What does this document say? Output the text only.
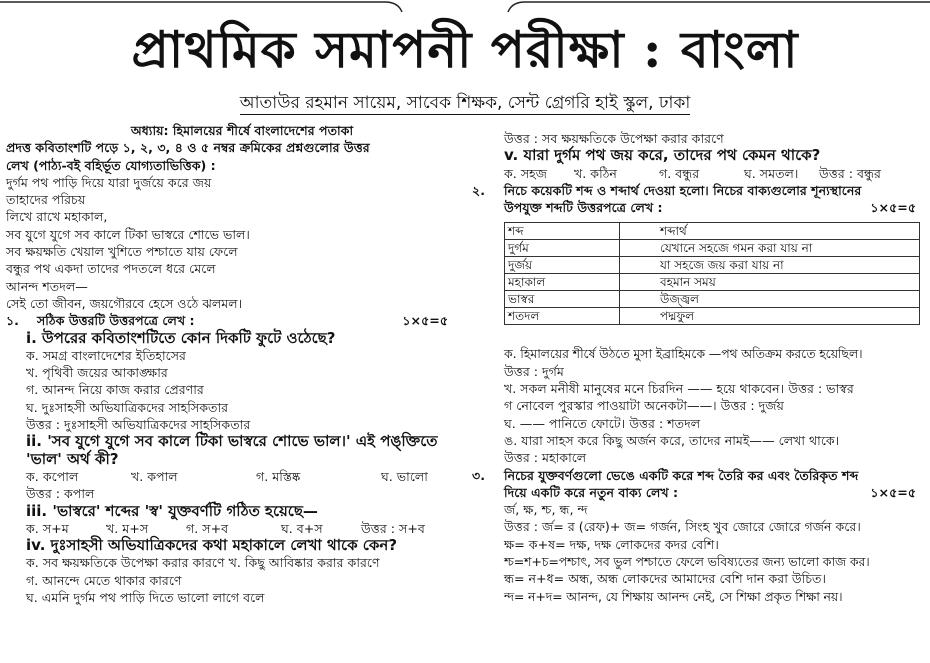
প্রাথমিক সমাপনী পরীক্ষা : বাংলা
আতাউর রহমান সায়েম, সাবেক শিক্ষক, সেন্ট গ্রেগরি হাই স্কুল, ঢাকা
অধ্যায়: হিমালয়ের শীর্ষে বাংলাদেশের পতাকা
প্রদত্ত কবিতাংশটি পড়ে ১, ২, ৩, ৪ ও ৫ নম্বর ক্রমিকের প্রশ্নগুলোর উত্তর
লেখ (পাঠ্য-বই বহির্ভূত যোগ্যতাভিত্তিক) :
দুর্গম পথ পাড়ি দিয়ে যারা দুর্জয়ে করে জয়
তাহাদের পরিচয়
লিখে রাখে মহাকাল,
সব যুগে যুগে সব কালে টিকা ভাস্বরে শোভে ভাল।
সব ক্ষয়ক্ষতি খেয়াল খুশিতে পশ্চাতে যায় ফেলে
বন্ধুর পথ একদা তাদের পদতলে ধরে মেলে
আনন্দ শতদল—
সেই তো জীবন, জয়গৌরবে হেসে ওঠে ঝলমল।
১. সঠিক উত্তরটি উত্তরপত্রে লেখ :	১×৫=৫
i. উপরের কবিতাংশটিতে কোন দিকটি ফুটে ওঠেছে?
ক. সমগ্র বাংলাদেশের ইতিহাসের
খ. পৃথিবী জয়ের আকাঙ্ক্ষার
গ. আনন্দ নিয়ে কাজ করার প্রেরণার
ঘ. দুঃসাহসী অভিযাত্রিকদের সাহসিকতার
উত্তর : দুঃসাহসী অভিযাত্রিকদের সাহসিকতার
ii. 'সব যুগে যুগে সব কালে টিকা ভাস্বরে শোভে ভাল।' এই পঙ্‌ক্তিতে
'ভাল' অর্থ কী?
ক. কপোল	খ. কপাল	গ. মস্তিষ্ক	ঘ. ভালো
উত্তর : কপাল
iii. 'ভাস্বরে' শব্দের 'স্ব' যুক্তবর্ণটি গঠিত হয়েছে—
ক. স+ম	খ. ম+স	গ. স+ব	ঘ. ব+স	উত্তর : স+ব
iv. দুঃসাহসী অভিযাত্রিকদের কথা মহাকালে লেখা থাকে কেন?
ক. সব ক্ষয়ক্ষতিকে উপেক্ষা করার কারণে খ. কিছু আবিষ্কার করার কারণে
গ. আনন্দে মেতে থাকার কারণে
ঘ. এমনি দুর্গম পথ পাড়ি দিতে ভালো লাগে বলে
উত্তর : সব ক্ষয়ক্ষতিকে উপেক্ষা করার কারণে
v. যারা দুর্গম পথ জয় করে, তাদের পথ কেমন থাকে?
ক. সহজ	খ. কঠিন	গ. বন্ধুর	ঘ. সমতল।	উত্তর : বন্ধুর
২. নিচে কয়েকটি শব্দ ও শব্দার্থ দেওয়া হলো। নিচের বাক্যগুলোর শূন্যস্থানের
উপযুক্ত শব্দটি উত্তরপত্রে লেখ :	১×৫=৫
শব্দ	শব্দার্থ
দুর্গম	যেখানে সহজে গমন করা যায় না
দুর্জয়	যা সহজে জয় করা যায় না
মহাকাল	বহমান সময়
ভাস্বর	উজ্জ্বল
শতদল	পদ্মফুল
ক. হিমালয়ের শীর্ষে উঠতে মুসা ইব্রাহিমকে —পথ অতিক্রম করতে হয়েছিল।
উত্তর : দুর্গম
খ. সকল মনীষী মানুষের মনে চিরদিন —— হয়ে থাকবেন। উত্তর : ভাস্বর
গ নোবেল পুরস্কার পাওয়াটা অনেকটা——। উত্তর : দুর্জয়
ঘ. —— পানিতে ফোটে। উত্তর : শতদল
ঙ. যারা সাহস করে কিছু অর্জন করে, তাদের নামই—— লেখা থাকে।
উত্তর : মহাকালে
৩. নিচের যুক্তবর্ণগুলো ভেঙে একটি করে শব্দ তৈরি কর এবং তৈরিকৃত শব্দ
দিয়ে একটি করে নতুন বাক্য লেখ :	১×৫=৫
র্জ, ক্ষ, শ্চ, ন্ধ, ন্দ
উত্তর : র্জ= র (রেফ)+ জ= গর্জন, সিংহ খুব জোরে জোরে গর্জন করে।
ক্ষ= ক+ষ= দক্ষ, দক্ষ লোকদের কদর বেশি।
শ্চ=শ+চ=পশ্চাৎ, সব ভুল পশ্চাতে ফেলে ভবিষ্যতের জন্য ভালো কাজ কর।
ন্ধ= ন+ধ= অন্ধ, অন্ধ লোকদের আমাদের বেশি দান করা উচিত।
ন্দ= ন+দ= আনন্দ, যে শিক্ষায় আনন্দ নেই, সে শিক্ষা প্রকৃত শিক্ষা নয়।
